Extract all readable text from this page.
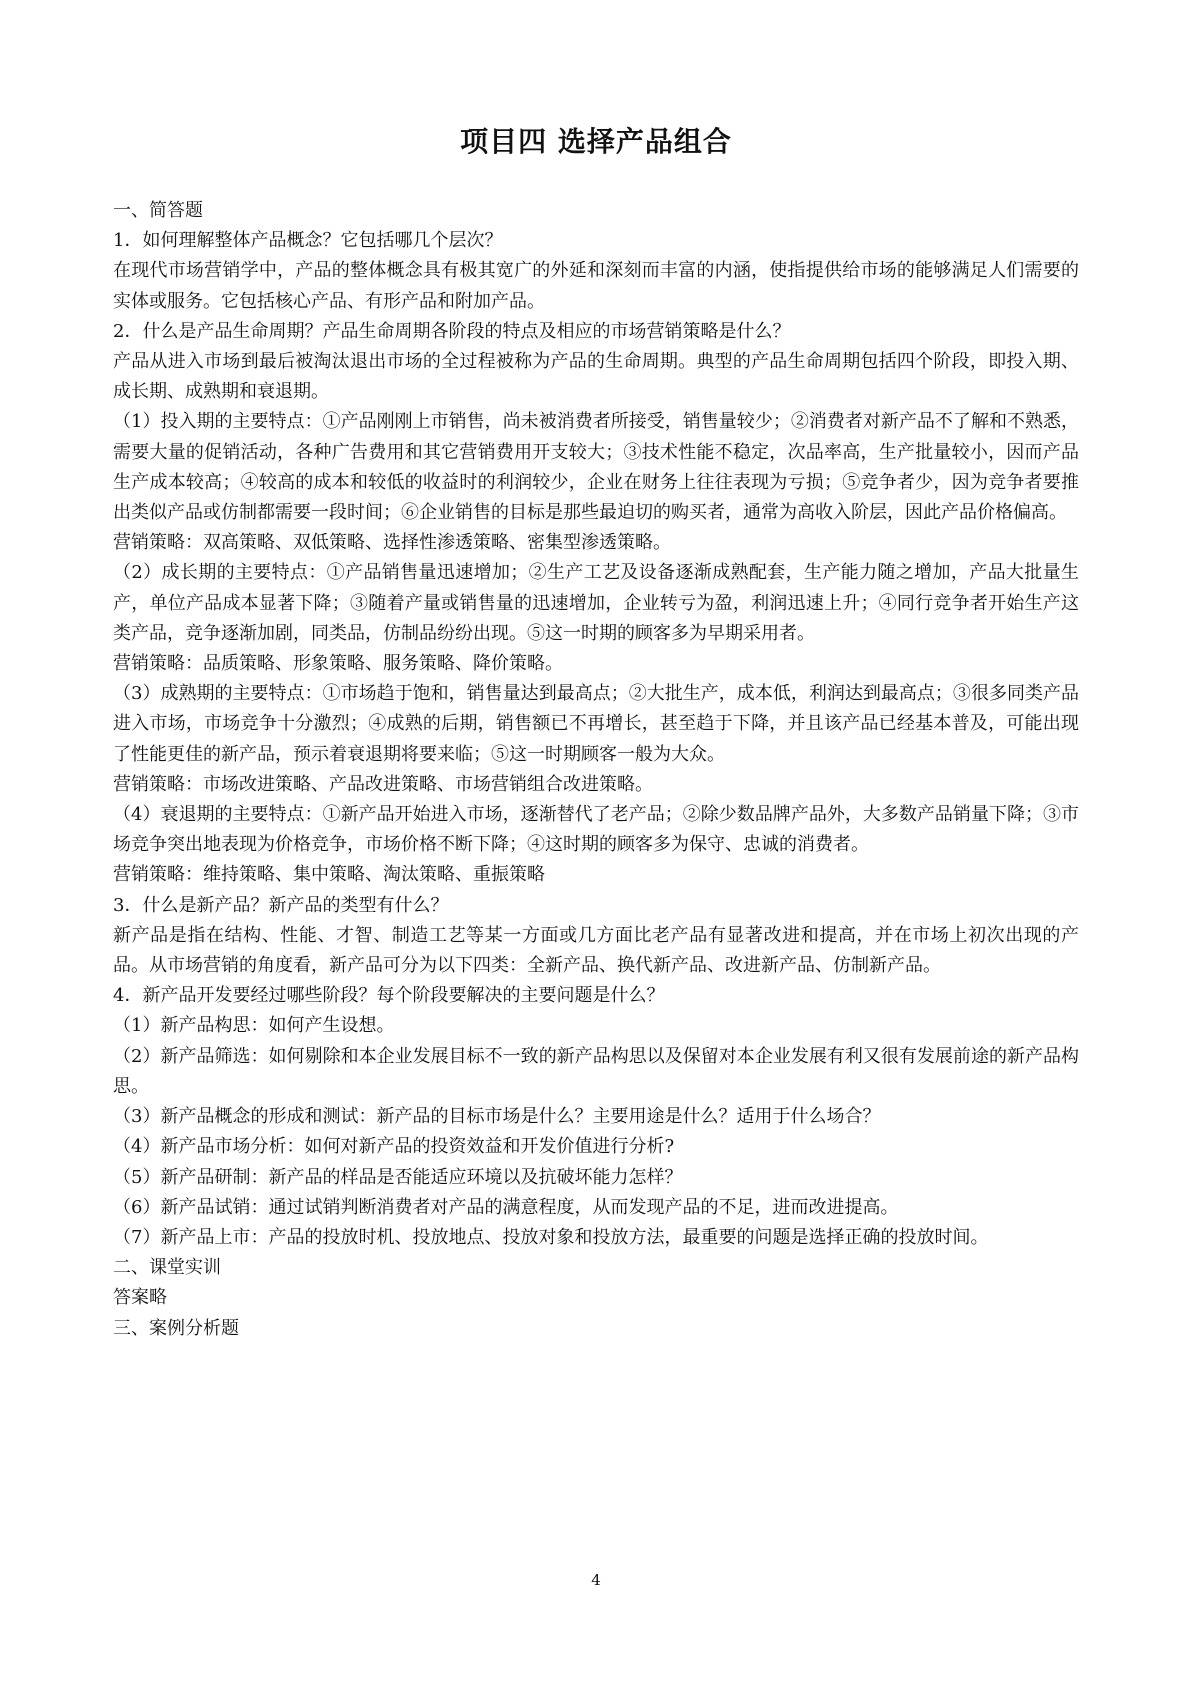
项目四 选择产品组合

一、简答题

1．如何理解整体产品概念？它包括哪几个层次？

在现代市场营销学中，产品的整体概念具有极其宽广的外延和深刻而丰富的内涵，使指提供给市场的能够满足人们需要的实体或服务。它包括核心产品、有形产品和附加产品。

2．什么是产品生命周期？产品生命周期各阶段的特点及相应的市场营销策略是什么？

产品从进入市场到最后被淘汰退出市场的全过程被称为产品的生命周期。典型的产品生命周期包括四个阶段，即投入期、成长期、成熟期和衰退期。

（1）投入期的主要特点：①产品刚刚上市销售，尚未被消费者所接受，销售量较少；②消费者对新产品不了解和不熟悉，需要大量的促销活动，各种广告费用和其它营销费用开支较大；③技术性能不稳定，次品率高，生产批量较小，因而产品生产成本较高；④较高的成本和较低的收益时的利润较少，企业在财务上往往表现为亏损；⑤竞争者少，因为竞争者要推出类似产品或仿制都需要一段时间；⑥企业销售的目标是那些最迫切的购买者，通常为高收入阶层，因此产品价格偏高。

营销策略：双高策略、双低策略、选择性渗透策略、密集型渗透策略。

（2）成长期的主要特点：①产品销售量迅速增加；②生产工艺及设备逐渐成熟配套，生产能力随之增加，产品大批量生产，单位产品成本显著下降；③随着产量或销售量的迅速增加，企业转亏为盈，利润迅速上升；④同行竞争者开始生产这类产品，竞争逐渐加剧，同类品，仿制品纷纷出现。⑤这一时期的顾客多为早期采用者。

营销策略：品质策略、形象策略、服务策略、降价策略。

（3）成熟期的主要特点：①市场趋于饱和，销售量达到最高点；②大批生产，成本低，利润达到最高点；③很多同类产品进入市场，市场竞争十分激烈；④成熟的后期，销售额已不再增长，甚至趋于下降，并且该产品已经基本普及，可能出现了性能更佳的新产品，预示着衰退期将要来临；⑤这一时期顾客一般为大众。

营销策略：市场改进策略、产品改进策略、市场营销组合改进策略。

（4）衰退期的主要特点：①新产品开始进入市场，逐渐替代了老产品；②除少数品牌产品外，大多数产品销量下降；③市场竞争突出地表现为价格竞争，市场价格不断下降；④这时期的顾客多为保守、忠诚的消费者。

营销策略：维持策略、集中策略、淘汰策略、重振策略

3．什么是新产品？新产品的类型有什么？

新产品是指在结构、性能、才智、制造工艺等某一方面或几方面比老产品有显著改进和提高，并在市场上初次出现的产品。从市场营销的角度看，新产品可分为以下四类：全新产品、换代新产品、改进新产品、仿制新产品。

4．新产品开发要经过哪些阶段？每个阶段要解决的主要问题是什么？

（1）新产品构思：如何产生设想。

（2）新产品筛选：如何剔除和本企业发展目标不一致的新产品构思以及保留对本企业发展有利又很有发展前途的新产品构思。

（3）新产品概念的形成和测试：新产品的目标市场是什么？主要用途是什么？适用于什么场合？

（4）新产品市场分析：如何对新产品的投资效益和开发价值进行分析?

（5）新产品研制：新产品的样品是否能适应环境以及抗破坏能力怎样？

（6）新产品试销：通过试销判断消费者对产品的满意程度，从而发现产品的不足，进而改进提高。

（7）新产品上市：产品的投放时机、投放地点、投放对象和投放方法，最重要的问题是选择正确的投放时间。

二、课堂实训

答案略

三、案例分析题

4
